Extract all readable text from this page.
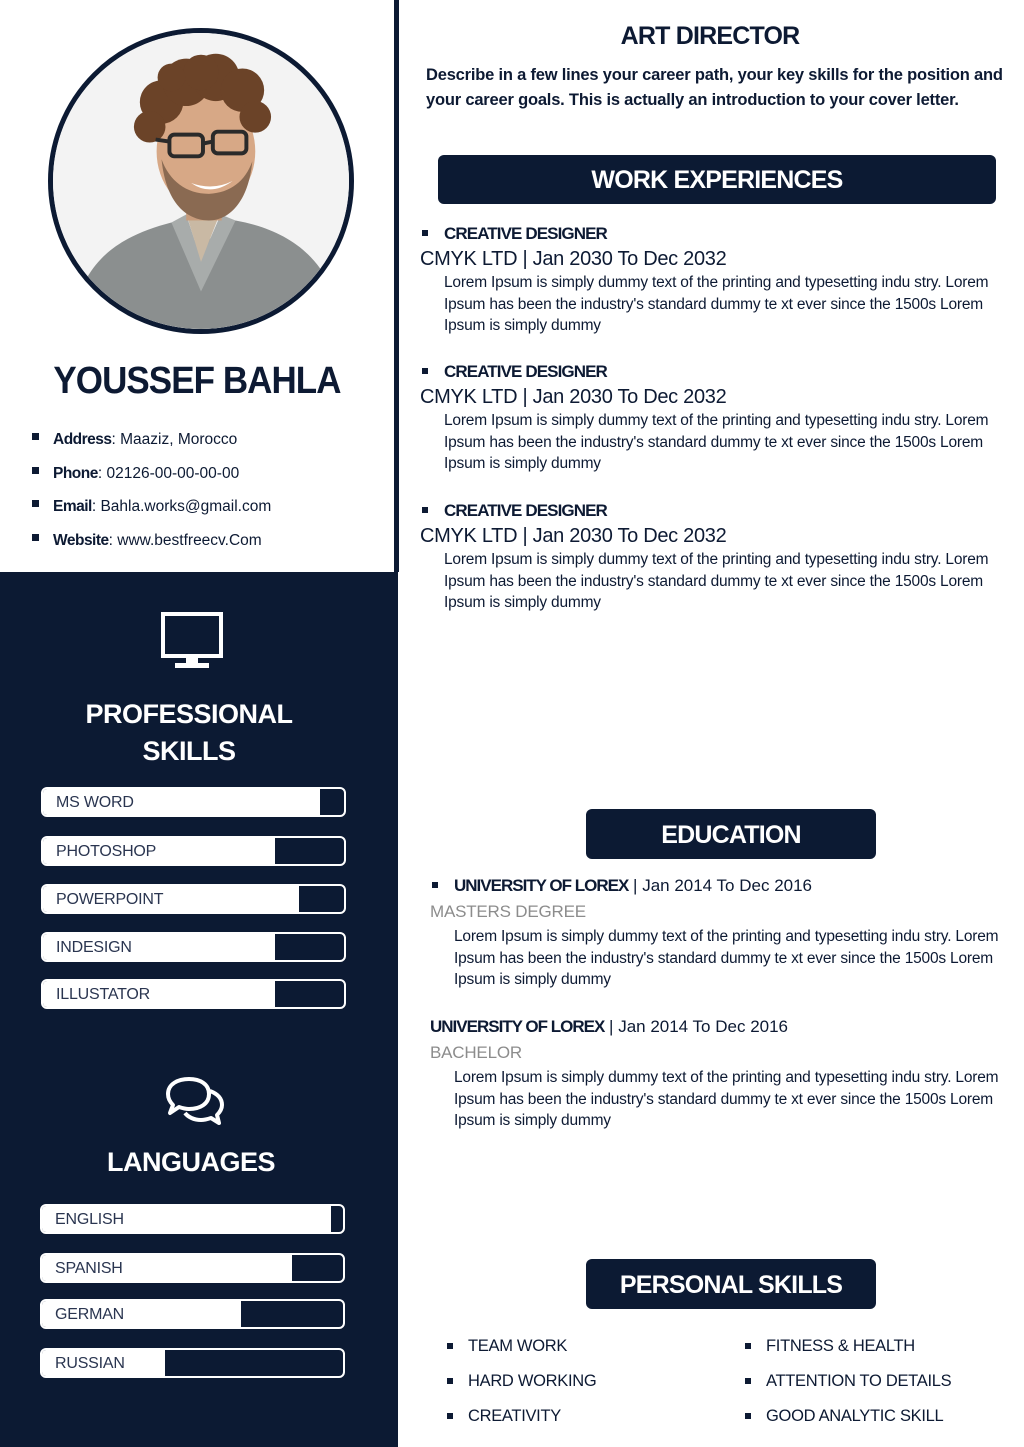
YOUSSEF BAHLA
Address: Maaziz, Morocco
Phone: 02126-00-00-00-00
Email: Bahla.works@gmail.com
Website: www.bestfreecv.Com
PROFESSIONAL
SKILLS
MS WORD
PHOTOSHOP
POWERPOINT
INDESIGN
ILLUSTATOR
LANGUAGES
ENGLISH
SPANISH
GERMAN
RUSSIAN
ART DIRECTOR
Describe in a few lines your career path, your key skills for the position and your career goals. This is actually an introduction to your cover letter.
WORK EXPERIENCES
CREATIVE DESIGNER
CMYK LTD | Jan 2030 To Dec 2032
Lorem Ipsum is simply dummy text of the printing and typesetting indu stry. Lorem Ipsum has been the industry's standard dummy te xt ever since the 1500s Lorem Ipsum is simply dummy
CREATIVE DESIGNER
CMYK LTD | Jan 2030 To Dec 2032
Lorem Ipsum is simply dummy text of the printing and typesetting indu stry. Lorem Ipsum has been the industry's standard dummy te xt ever since the 1500s Lorem Ipsum is simply dummy
CREATIVE DESIGNER
CMYK LTD | Jan 2030 To Dec 2032
Lorem Ipsum is simply dummy text of the printing and typesetting indu stry. Lorem Ipsum has been the industry's standard dummy te xt ever since the 1500s Lorem Ipsum is simply dummy
EDUCATION
UNIVERSITY OF LOREX | Jan 2014 To Dec 2016
MASTERS DEGREE
Lorem Ipsum is simply dummy text of the printing and typesetting indu stry. Lorem Ipsum has been the industry's standard dummy te xt ever since the 1500s Lorem Ipsum is simply dummy
UNIVERSITY OF LOREX | Jan 2014 To Dec 2016
BACHELOR
Lorem Ipsum is simply dummy text of the printing and typesetting indu stry. Lorem Ipsum has been the industry's standard dummy te xt ever since the 1500s Lorem Ipsum is simply dummy
PERSONAL SKILLS
TEAM WORK
HARD WORKING
CREATIVITY
FITNESS & HEALTH
ATTENTION TO DETAILS
GOOD ANALYTIC SKILL
